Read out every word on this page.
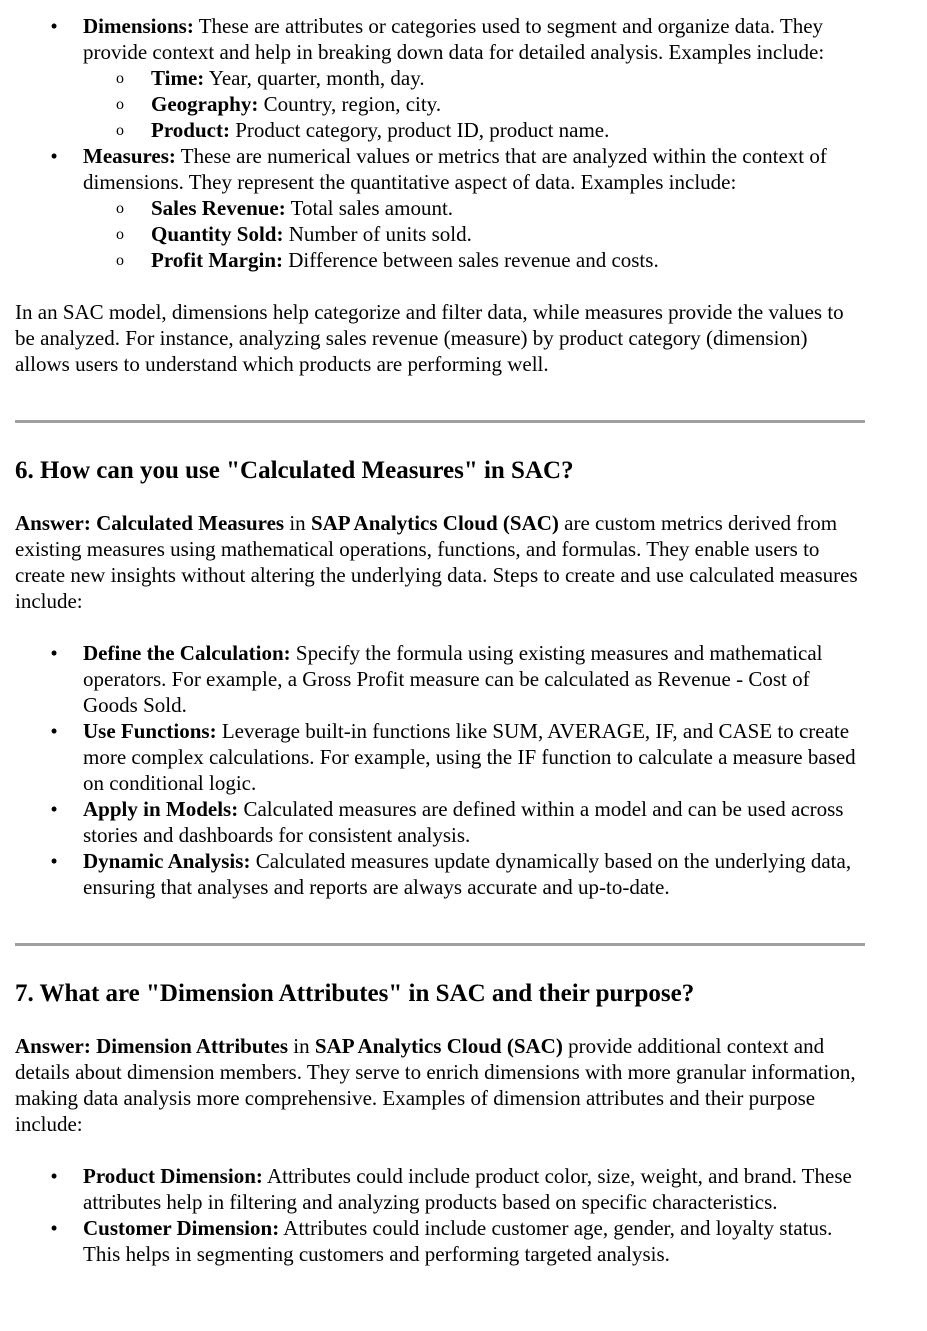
• Dimensions: These are attributes or categories used to segment and organize data. They provide context and help in breaking down data for detailed analysis. Examples include:
o Time: Year, quarter, month, day.
o Geography: Country, region, city.
o Product: Product category, product ID, product name.
• Measures: These are numerical values or metrics that are analyzed within the context of dimensions. They represent the quantitative aspect of data. Examples include:
o Sales Revenue: Total sales amount.
o Quantity Sold: Number of units sold.
o Profit Margin: Difference between sales revenue and costs.

In an SAC model, dimensions help categorize and filter data, while measures provide the values to be analyzed. For instance, analyzing sales revenue (measure) by product category (dimension) allows users to understand which products are performing well.

6. How can you use "Calculated Measures" in SAC?

Answer: Calculated Measures in SAP Analytics Cloud (SAC) are custom metrics derived from existing measures using mathematical operations, functions, and formulas. They enable users to create new insights without altering the underlying data. Steps to create and use calculated measures include:

• Define the Calculation: Specify the formula using existing measures and mathematical operators. For example, a Gross Profit measure can be calculated as Revenue - Cost of Goods Sold.
• Use Functions: Leverage built-in functions like SUM, AVERAGE, IF, and CASE to create more complex calculations. For example, using the IF function to calculate a measure based on conditional logic.
• Apply in Models: Calculated measures are defined within a model and can be used across stories and dashboards for consistent analysis.
• Dynamic Analysis: Calculated measures update dynamically based on the underlying data, ensuring that analyses and reports are always accurate and up-to-date.
7. What are "Dimension Attributes" in SAC and their purpose?

Answer: Dimension Attributes in SAP Analytics Cloud (SAC) provide additional context and details about dimension members. They serve to enrich dimensions with more granular information, making data analysis more comprehensive. Examples of dimension attributes and their purpose include:

• Product Dimension: Attributes could include product color, size, weight, and brand. These attributes help in filtering and analyzing products based on specific characteristics.
• Customer Dimension: Attributes could include customer age, gender, and loyalty status. This helps in segmenting customers and performing targeted analysis.
